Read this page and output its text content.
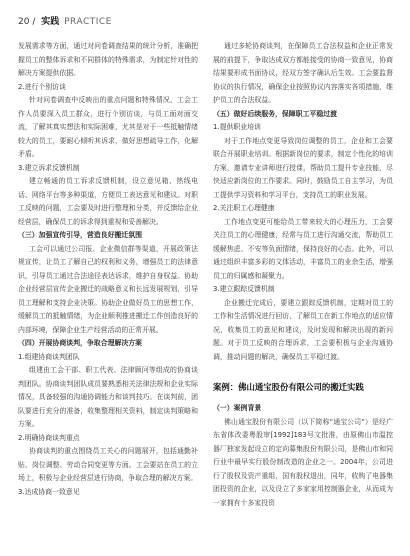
20 / 实践 PRACTICE

发展需求等方面，通过对问卷调查结果的统计分析，准确把握员工的整体诉求和不同群体的特殊需求，为制定针对性的解决方案提供依据。

2.进行个别访谈

针对问卷调查中反映出的重点问题和特殊情况，工会工作人员要深入员工群众，进行个别访谈，与员工面对面交流，了解其真实想法和实际困难，尤其是对于一些抵触情绪较大的员工，要耐心倾听其诉求，做好思想疏导工作，化解矛盾。

3.建立诉求反馈机制

建立畅通的员工诉求反馈机制，设立意见箱、热线电话、网络平台等多种渠道，方便员工表达意见和建议。对职工反映的问题，工会要及时进行整理和分类，并反馈给企业经营层，确保员工的诉求得到重视和妥善解决。

（三）加强宣传引导，营造良好搬迁氛围

工会可以通过公司报、企业微信群等渠道，开展政策法规宣传，让员工了解自己的权利和义务，增强员工的法律意识，引导员工通过合法途径表达诉求，维护自身权益。协助企业经营层宣传企业搬迁的战略意义和长远发展规划，引导员工理解和支持企业决策。协助企业做好员工的思想工作，缓解员工的抵触情绪，为企业顺利推进搬迁工作创造良好的内部环境，保障企业生产经营活动的正常开展。

（四）开展协商谈判，争取合理解决方案

1.组建协商谈判团队

组建由工会干部、职工代表、法律顾问等组成的协商谈判团队。协商谈判团队成员要熟悉相关法律法规和企业实际情况，具备较强的沟通协调能力和谈判技巧。在谈判前，团队要进行充分的准备，收集整理相关资料，制定谈判策略和方案。

2.明确协商谈判重点

协商谈判的重点围绕员工关心的问题展开，包括通勤补贴、岗位调整、劳动合同变更等方面。工会要站在员工的立场上，积极与企业经营层进行协商，争取合理的解决方案。

3.达成协商一致意见

通过多轮协商谈判，在保障员工合法权益和企业正常发展的前提下，争取达成双方都能接受的协商一致意见，协商结果要形成书面协议，经双方签字确认后生效。工会要监督协议的执行情况，确保企业按照协议内容落实各项措施，维护员工的合法权益。

（五）做好后续服务，保障职工平稳过渡

1.提供职业培训

对于工作地点变更导致岗位调整的员工，企业和工会要联合开展职业培训。根据新岗位的要求，制定个性化的培训方案，邀请专业讲师进行授课，帮助员工提升专业技能，尽快适应新岗位的工作要求。同时，鼓励员工自主学习，为员工提供学习资料和学习平台，支持员工的职业发展。

2.关注职工心理健康

工作地点变更可能给员工带来较大的心理压力，工会要关注员工的心理健康，经常与员工进行沟通交流，帮助员工缓解焦虑、不安等负面情绪，保持良好的心态。此外，可以通过组织丰富多彩的文体活动，丰富员工的业余生活，增强员工的归属感和凝聚力。

3.建立跟踪反馈机制

企业搬迁完成后，要建立跟踪反馈机制，定期对员工的工作和生活情况进行回访，了解员工在新工作地点的适应情况，收集员工的意见和建议，及时发现和解决出现的新问题。对于员工反映的合理诉求，工会要积极与企业沟通协调，推动问题的解决，确保员工平稳过渡。

案例：佛山通宝股份有限公司的搬迁实践

（一）案例背景

佛山通宝股份有限公司（以下简称“通宝公司”）是经广东省体改委粤股审[1992]183号文批准，由原佛山市温控器厂独家发起设立的定向募集股份有限公司，是佛山市和同行业中最早实行股份制改造的企业之一。2004年，公司进行了股权及资产重组，国有股权退出，同年，收购了电器集团投资的企业，以及设立了多家家用控制器企业，从而成为一家拥有十多家投资
